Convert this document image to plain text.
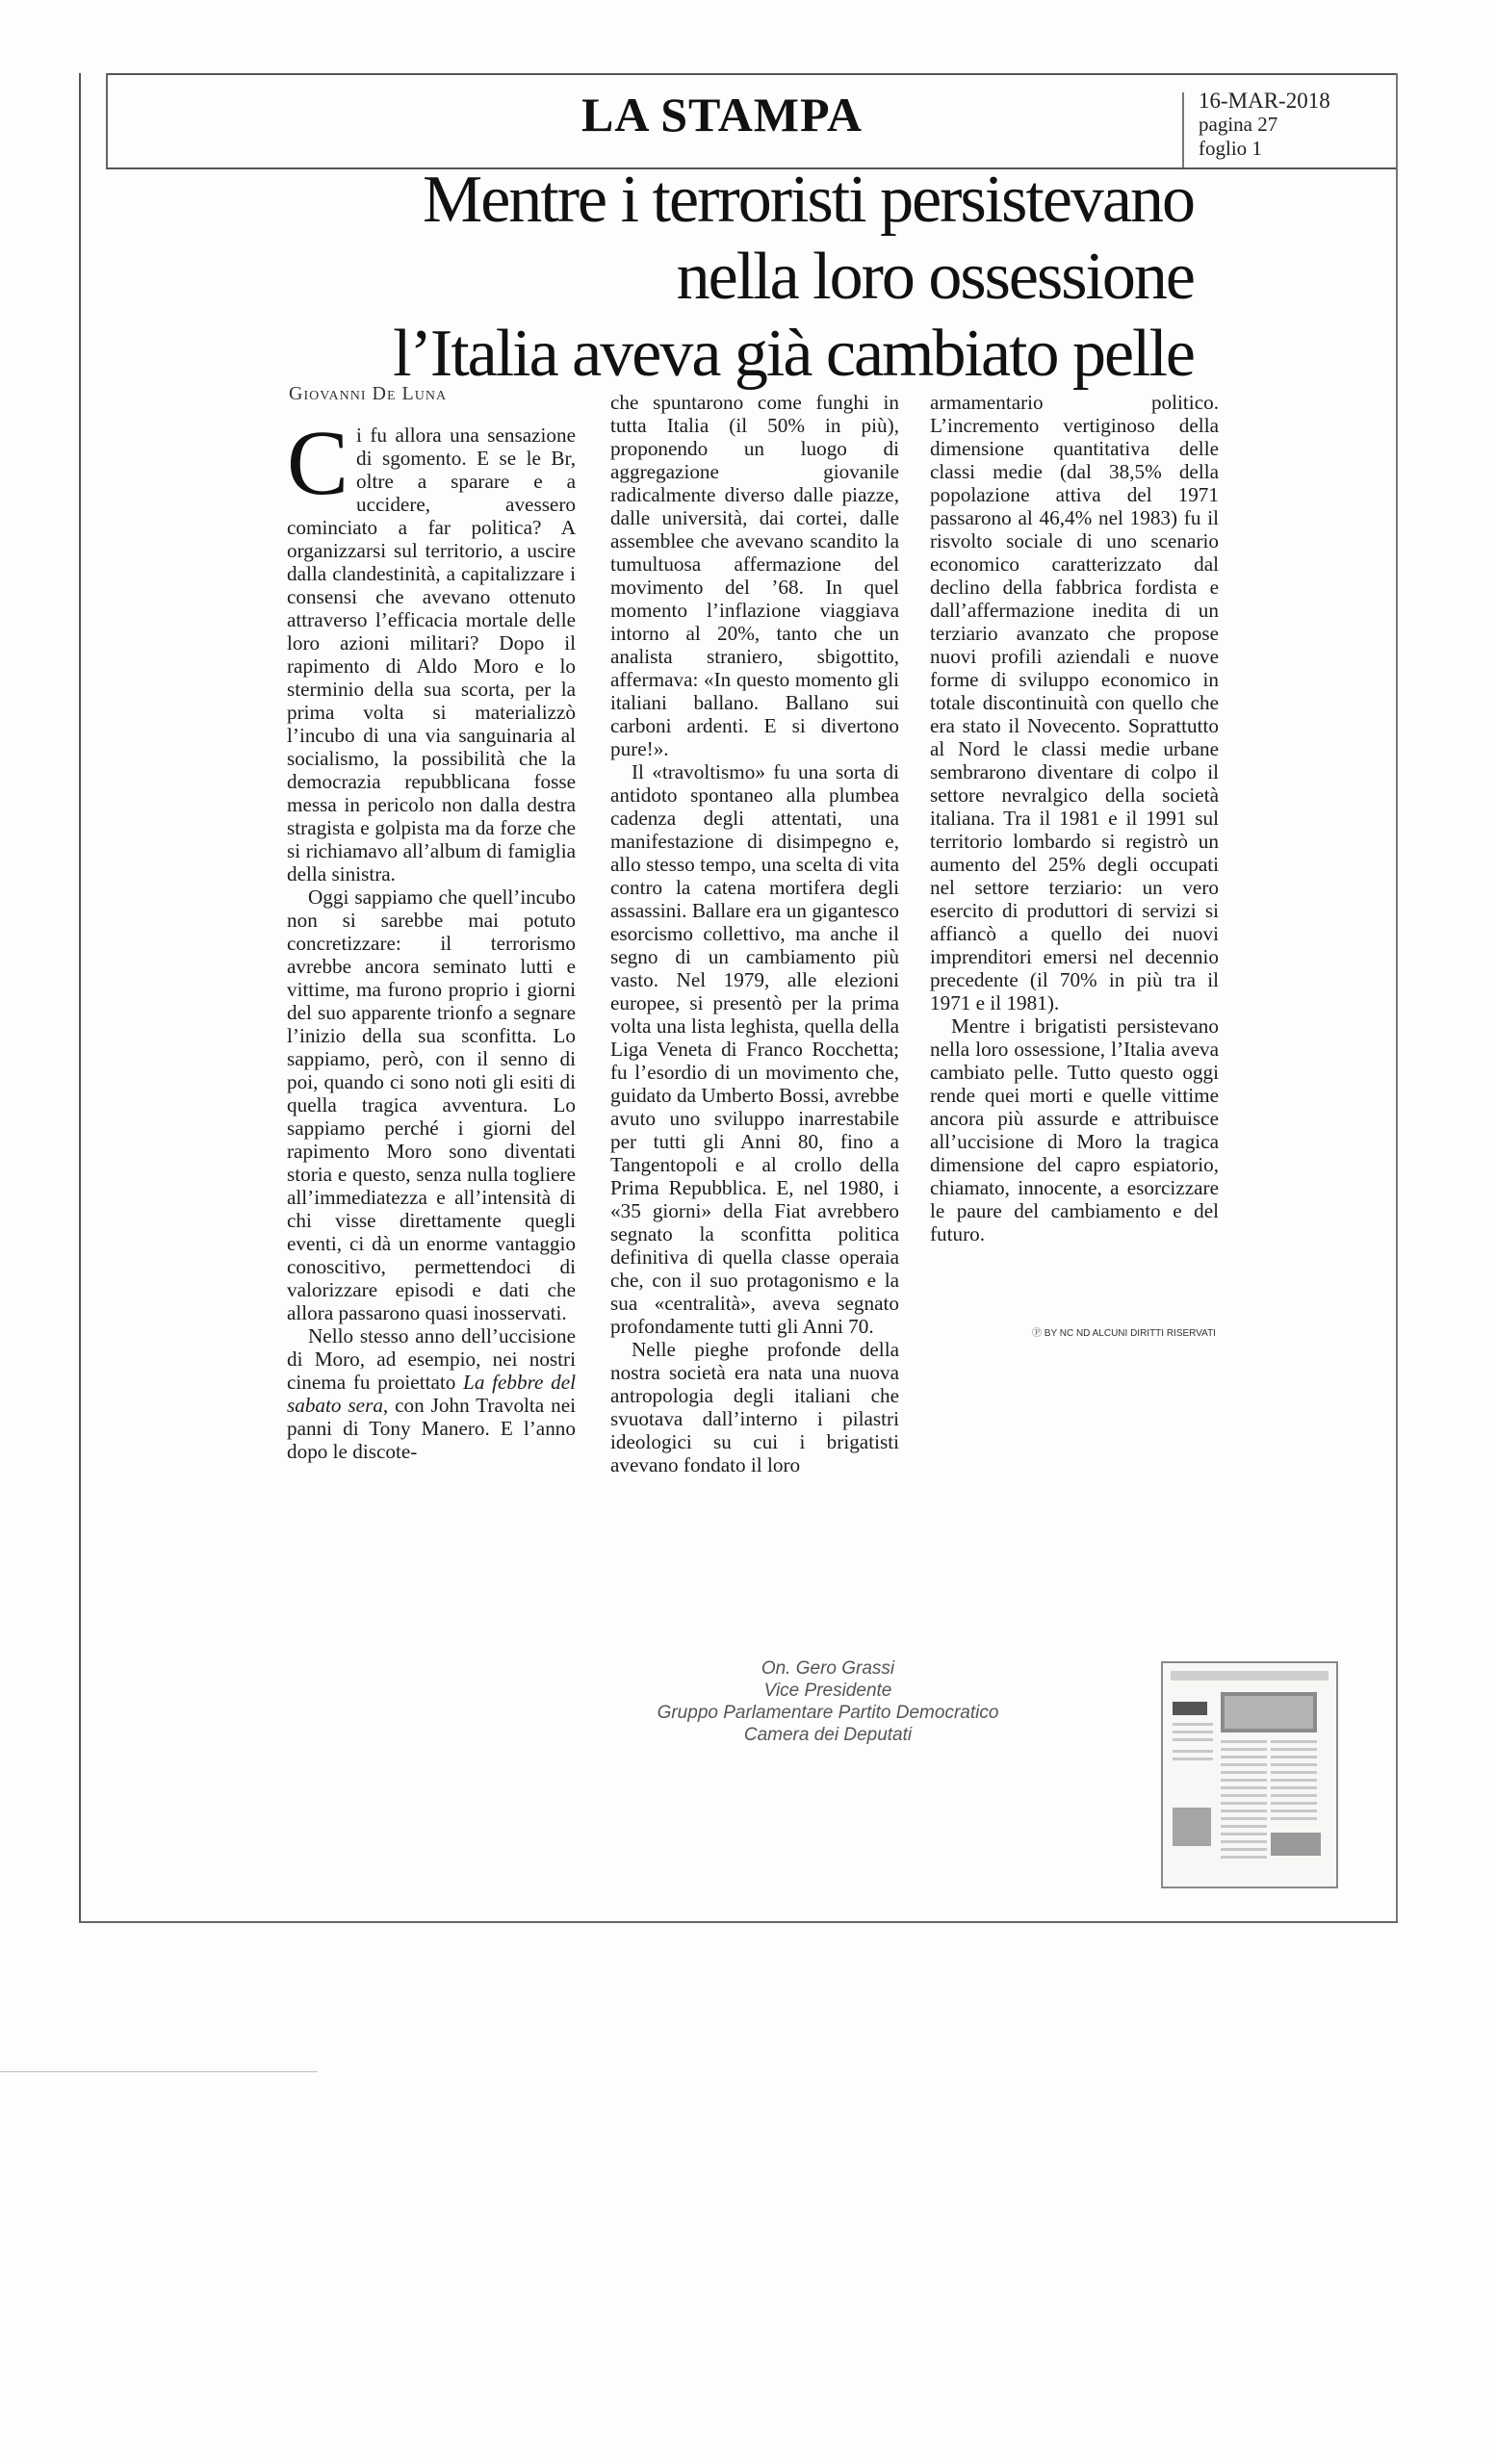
LA STAMPA	16-MAR-2018
pagina 27
foglio 1
Mentre i terroristi persistevano
nella loro ossessione
l’Italia aveva già cambiato pelle
Giovanni De Luna

Ci fu allora una sensazione di sgomento. E se le Br, oltre a sparare e a uccidere, avessero cominciato a far politica? A organizzarsi sul territorio, a uscire dalla clandestinità, a capitalizzare i consensi che avevano ottenuto attraverso l’efficacia mortale delle loro azioni militari? Dopo il rapimento di Aldo Moro e lo sterminio della sua scorta, per la prima volta si materializzò l’incubo di una via sanguinaria al socialismo, la possibilità che la democrazia repubblicana fosse messa in pericolo non dalla destra stragista e golpista ma da forze che si richiamavo all’album di famiglia della sinistra.

Oggi sappiamo che quell’incubo non si sarebbe mai potuto concretizzare: il terrorismo avrebbe ancora seminato lutti e vittime, ma furono proprio i giorni del suo apparente trionfo a segnare l’inizio della sua sconfitta. Lo sappiamo, però, con il senno di poi, quando ci sono noti gli esiti di quella tragica avventura. Lo sappiamo perché i giorni del rapimento Moro sono diventati storia e questo, senza nulla togliere all’immediatezza e all’intensità di chi visse direttamente quegli eventi, ci dà un enorme vantaggio conoscitivo, permettendoci di valorizzare episodi e dati che allora passarono quasi inosservati.

Nello stesso anno dell’uccisione di Moro, ad esempio, nei nostri cinema fu proiettato La febbre del sabato sera, con John Travolta nei panni di Tony Manero. E l’anno dopo le discote-

che spuntarono come funghi in tutta Italia (il 50% in più), proponendo un luogo di aggregazione giovanile radicalmente diverso dalle piazze, dalle università, dai cortei, dalle assemblee che avevano scandito la tumultuosa affermazione del movimento del ’68. In quel momento l’inflazione viaggiava intorno al 20%, tanto che un analista straniero, sbigottito, affermava: «In questo momento gli italiani ballano. Ballano sui carboni ardenti. E si divertono pure!».

Il «travoltismo» fu una sorta di antidoto spontaneo alla plumbea cadenza degli attentati, una manifestazione di disimpegno e, allo stesso tempo, una scelta di vita contro la catena mortifera degli assassini. Ballare era un gigantesco esorcismo collettivo, ma anche il segno di un cambiamento più vasto. Nel 1979, alle elezioni europee, si presentò per la prima volta una lista leghista, quella della Liga Veneta di Franco Rocchetta; fu l’esordio di un movimento che, guidato da Umberto Bossi, avrebbe avuto uno sviluppo inarrestabile per tutti gli Anni 80, fino a Tangentopoli e al crollo della Prima Repubblica. E, nel 1980, i «35 giorni» della Fiat avrebbero segnato la sconfitta politica definitiva di quella classe operaia che, con il suo protagonismo e la sua «centralità», aveva segnato profondamente tutti gli Anni 70.

Nelle pieghe profonde della nostra società era nata una nuova antropologia degli italiani che svuotava dall’interno i pilastri ideologici su cui i brigatisti avevano fondato il loro

armamentario politico. L’incremento vertiginoso della dimensione quantitativa delle classi medie (dal 38,5% della popolazione attiva del 1971 passarono al 46,4% nel 1983) fu il risvolto sociale di uno scenario economico caratterizzato dal declino della fabbrica fordista e dall’affermazione inedita di un terziario avanzato che propose nuovi profili aziendali e nuove forme di sviluppo economico in totale discontinuità con quello che era stato il Novecento. Soprattutto al Nord le classi medie urbane sembrarono diventare di colpo il settore nevralgico della società italiana. Tra il 1981 e il 1991 sul territorio lombardo si registrò un aumento del 25% degli occupati nel settore terziario: un vero esercito di produttori di servizi si affiancò a quello dei nuovi imprenditori emersi nel decennio precedente (il 70% in più tra il 1971 e il 1981).

Mentre i brigatisti persistevano nella loro ossessione, l’Italia aveva cambiato pelle. Tutto questo oggi rende quei morti e quelle vittime ancora più assurde e attribuisce all’uccisione di Moro la tragica dimensione del capro espiatorio, chiamato, innocente, a esorcizzare le paure del cambiamento e del futuro.

Ⓟ BY NC ND ALCUNI DIRITTI RISERVATI
On. Gero Grassi
Vice Presidente
Gruppo Parlamentare Partito Democratico
Camera dei Deputati
